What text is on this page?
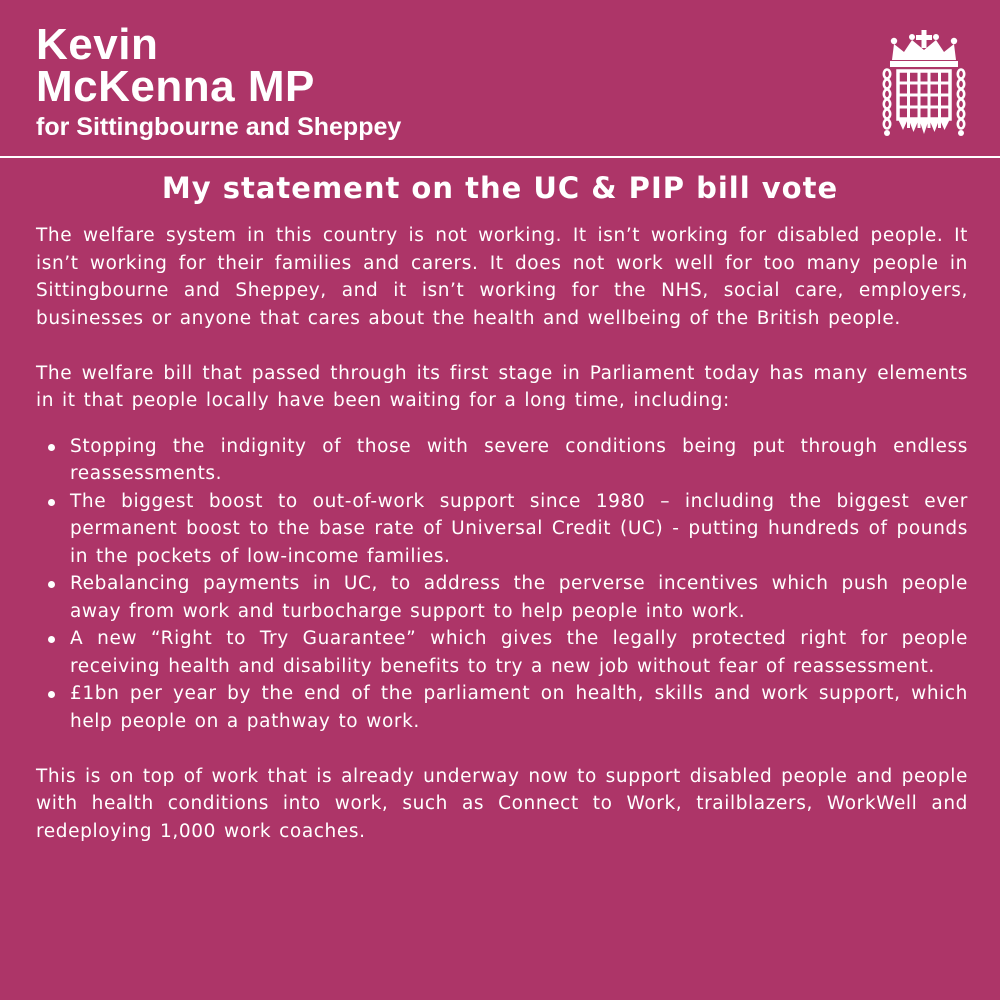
Kevin
McKenna MP
for Sittingbourne and Sheppey
My statement on the UC & PIP bill vote

The welfare system in this country is not working. It isn’t working for disabled people. It isn’t working for their families and carers. It does not work well for too many people in Sittingbourne and Sheppey, and it isn’t working for the NHS, social care, employers, businesses or anyone that cares about the health and wellbeing of the British people.

The welfare bill that passed through its first stage in Parliament today has many elements in it that people locally have been waiting for a long time, including:

Stopping the indignity of those with severe conditions being put through endless reassessments.
The biggest boost to out-of-work support since 1980 – including the biggest ever permanent boost to the base rate of Universal Credit (UC) - putting hundreds of pounds in the pockets of low-income families.
Rebalancing payments in UC, to address the perverse incentives which push people away from work and turbocharge support to help people into work.
A new “Right to Try Guarantee” which gives the legally protected right for people receiving health and disability benefits to try a new job without fear of reassessment.
£1bn per year by the end of the parliament on health, skills and work support, which help people on a pathway to work.

This is on top of work that is already underway now to support disabled people and people with health conditions into work, such as Connect to Work, trailblazers, WorkWell and redeploying 1,000 work coaches.
